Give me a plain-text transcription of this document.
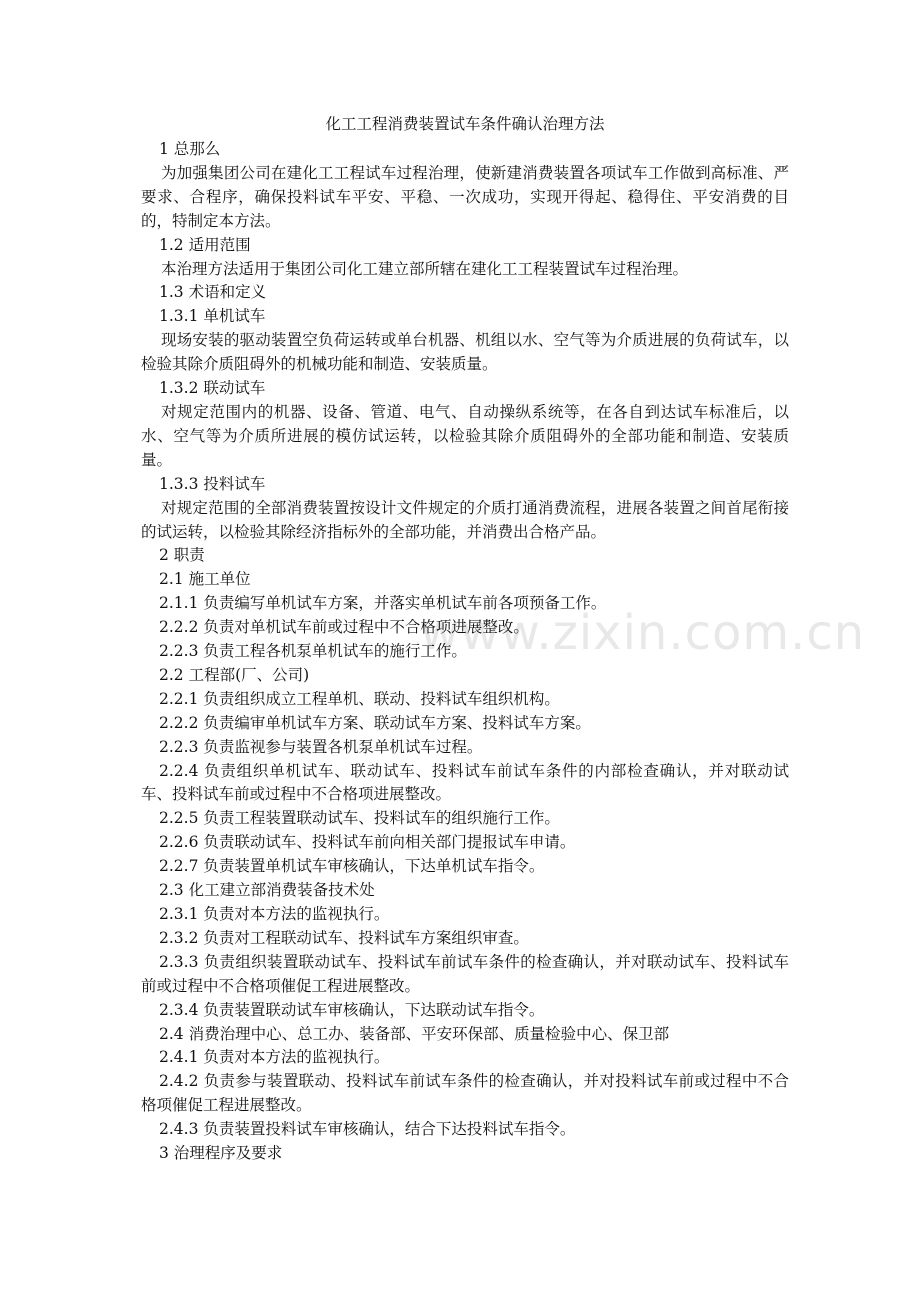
www.zixin.com.cn

化工工程消费装置试车条件确认治理方法

1 总那么

为加强集团公司在建化工工程试车过程治理，使新建消费装置各项试车工作做到高标准、严要求、合程序，确保投料试车平安、平稳、一次成功，实现开得起、稳得住、平安消费的目的，特制定本方法。

1.2 适用范围

本治理方法适用于集团公司化工建立部所辖在建化工工程装置试车过程治理。

1.3 术语和定义

1.3.1 单机试车

现场安装的驱动装置空负荷运转或单台机器、机组以水、空气等为介质进展的负荷试车，以检验其除介质阻碍外的机械功能和制造、安装质量。

1.3.2 联动试车

对规定范围内的机器、设备、管道、电气、自动操纵系统等，在各自到达试车标准后，以水、空气等为介质所进展的模仿试运转，以检验其除介质阻碍外的全部功能和制造、安装质量。

1.3.3 投料试车

对规定范围的全部消费装置按设计文件规定的介质打通消费流程，进展各装置之间首尾衔接的试运转，以检验其除经济指标外的全部功能，并消费出合格产品。

2 职责

2.1 施工单位

2.1.1 负责编写单机试车方案，并落实单机试车前各项预备工作。

2.2.2 负责对单机试车前或过程中不合格项进展整改。

2.2.3 负责工程各机泵单机试车的施行工作。

2.2 工程部(厂、公司)

2.2.1 负责组织成立工程单机、联动、投料试车组织机构。

2.2.2 负责编审单机试车方案、联动试车方案、投料试车方案。

2.2.3 负责监视参与装置各机泵单机试车过程。

2.2.4 负责组织单机试车、联动试车、投料试车前试车条件的内部检查确认，并对联动试车、投料试车前或过程中不合格项进展整改。

2.2.5 负责工程装置联动试车、投料试车的组织施行工作。

2.2.6 负责联动试车、投料试车前向相关部门提报试车申请。

2.2.7 负责装置单机试车审核确认，下达单机试车指令。

2.3 化工建立部消费装备技术处

2.3.1 负责对本方法的监视执行。

2.3.2 负责对工程联动试车、投料试车方案组织审查。

2.3.3 负责组织装置联动试车、投料试车前试车条件的检查确认，并对联动试车、投料试车前或过程中不合格项催促工程进展整改。

2.3.4 负责装置联动试车审核确认，下达联动试车指令。

2.4 消费治理中心、总工办、装备部、平安环保部、质量检验中心、保卫部

2.4.1 负责对本方法的监视执行。

2.4.2 负责参与装置联动、投料试车前试车条件的检查确认，并对投料试车前或过程中不合格项催促工程进展整改。

2.4.3 负责装置投料试车审核确认，结合下达投料试车指令。

3 治理程序及要求
